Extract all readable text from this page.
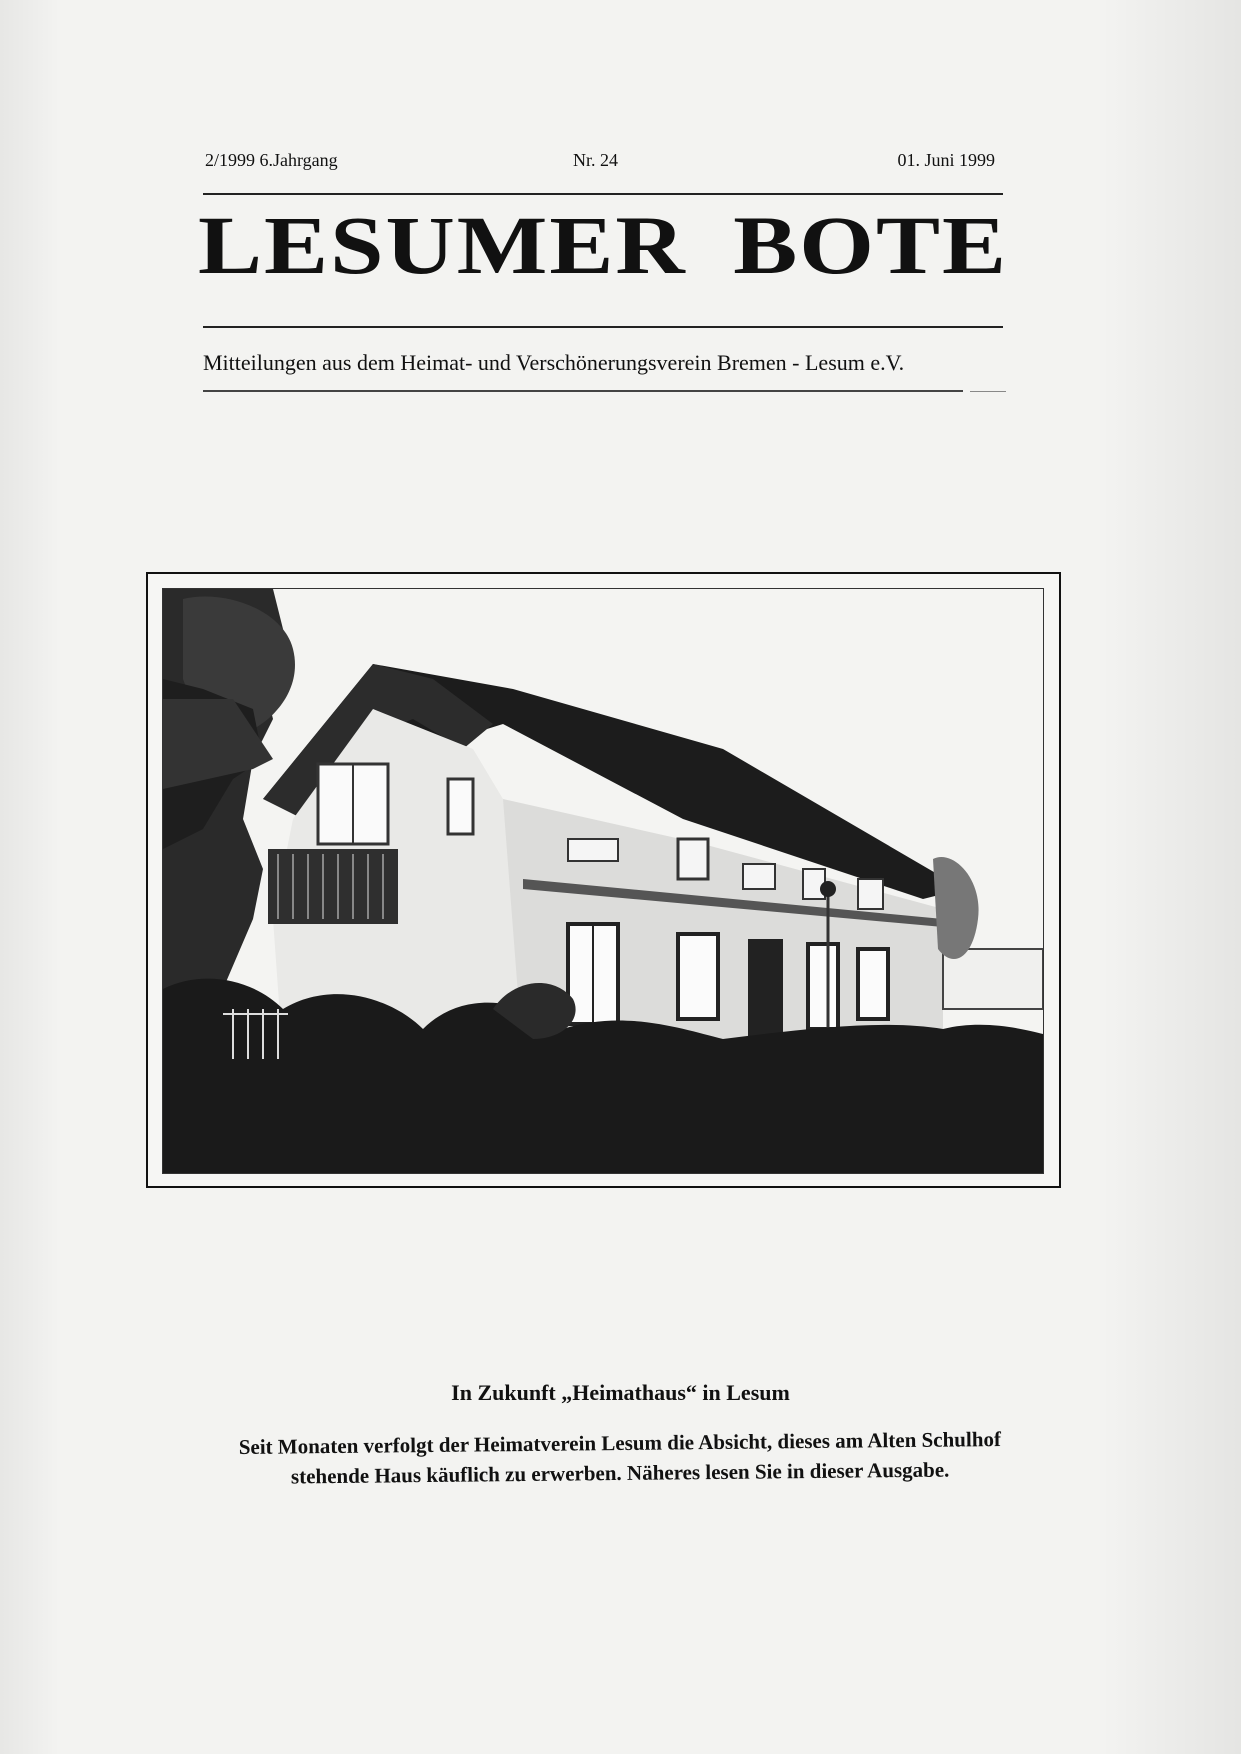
2/1999 6.Jahrgang	Nr. 24	01. Juni 1999
LESUMER BOTE
Mitteilungen aus dem Heimat- und Verschönerungsverein Bremen - Lesum e.V.
In Zukunft „Heimathaus“ in Lesum
Seit Monaten verfolgt der Heimatverein Lesum die Absicht, dieses am Alten Schulhof
stehende Haus käuflich zu erwerben. Näheres lesen Sie in dieser Ausgabe.
